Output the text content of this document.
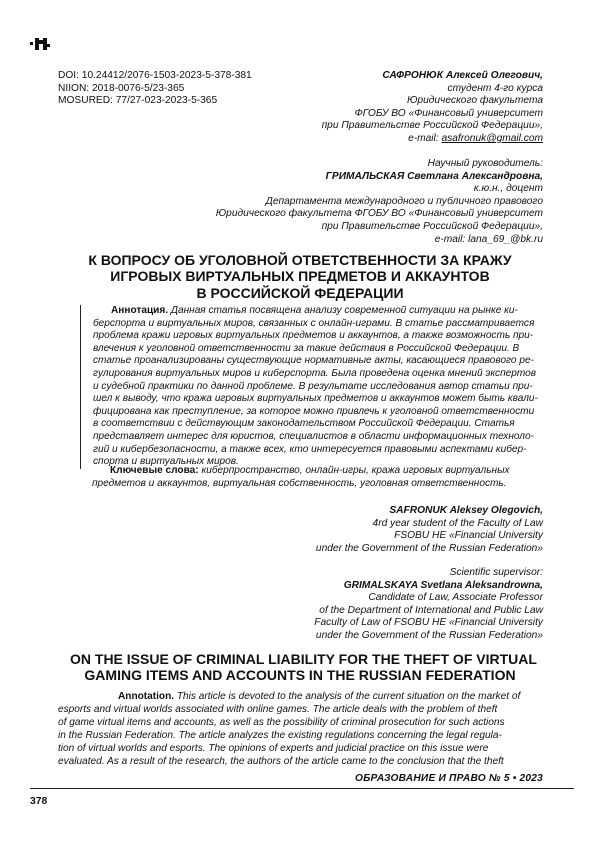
DOI: 10.24412/2076-1503-2023-5-378-381
NIION: 2018-0076-5/23-365
MOSURED: 77/27-023-2023-5-365
САФРОНЮК Алексей Олегович,
студент 4-го курса
Юридического факультета
ФГОБУ ВО «Финансовый университет
при Правительстве Российской Федерации»,
e-mail: asafronuk@gmail.com
Научный руководитель:
ГРИМАЛЬСКАЯ Светлана Александровна,
к.ю.н., доцент
Департамента международного и публичного правового
Юридического факультета ФГОБУ ВО «Финансовый университет
при Правительстве Российской Федерации»,
e-mail: lana_69_@bk.ru
К ВОПРОСУ ОБ УГОЛОВНОЙ ОТВЕТСТВЕННОСТИ ЗА КРАЖУ
ИГРОВЫХ ВИРТУАЛЬНЫХ ПРЕДМЕТОВ И АККАУНТОВ
В РОССИЙСКОЙ ФЕДЕРАЦИИ
Аннотация. Данная статья посвящена анализу современной ситуации на рынке ки-
берспорта и виртуальных миров, связанных с онлайн-играми. В статье рассматривается
проблема кражи игровых виртуальных предметов и аккаунтов, а также возможность при-
влечения к уголовной ответственности за такие действия в Российской Федерации. В
статье проанализированы существующие нормативные акты, касающиеся правового ре-
гулирования виртуальных миров и киберспорта. Была проведена оценка мнений экспертов
и судебной практики по данной проблеме. В результате исследования автор статьи при-
шел к выводу, что кража игровых виртуальных предметов и аккаунтов может быть квали-
фицирована как преступление, за которое можно привлечь к уголовной ответственности
в соответствии с действующим законодательством Российской Федерации. Статья
представляет интерес для юристов, специалистов в области информационных техноло-
гий и кибербезопасности, а также всех, кто интересуется правовыми аспектами кибер-
спорта и виртуальных миров.
Ключевые слова: киберпространство, онлайн-игры, кража игровых виртуальных
предметов и аккаунтов, виртуальная собственность, уголовная ответственность.
SAFRONUK Aleksey Olegovich,
4rd year student of the Faculty of Law
FSOBU HE «Financial University
under the Government of the Russian Federation»
Scientific supervisor:
GRIMALSKAYA Svetlana Aleksandrowna,
Candidate of Law, Associate Professor
of the Department of International and Public Law
Faculty of Law of FSOBU HE «Financial University
under the Government of the Russian Federation»
ON THE ISSUE OF CRIMINAL LIABILITY FOR THE THEFT OF VIRTUAL
GAMING ITEMS AND ACCOUNTS IN THE RUSSIAN FEDERATION
Annotation. This article is devoted to the analysis of the current situation on the market of
esports and virtual worlds associated with online games. The article deals with the problem of theft
of game virtual items and accounts, as well as the possibility of criminal prosecution for such actions
in the Russian Federation. The article analyzes the existing regulations concerning the legal regula-
tion of virtual worlds and esports. The opinions of experts and judicial practice on this issue were
evaluated. As a result of the research, the authors of the article came to the conclusion that the theft
ОБРАЗОВАНИЕ И ПРАВО № 5 • 2023
378
